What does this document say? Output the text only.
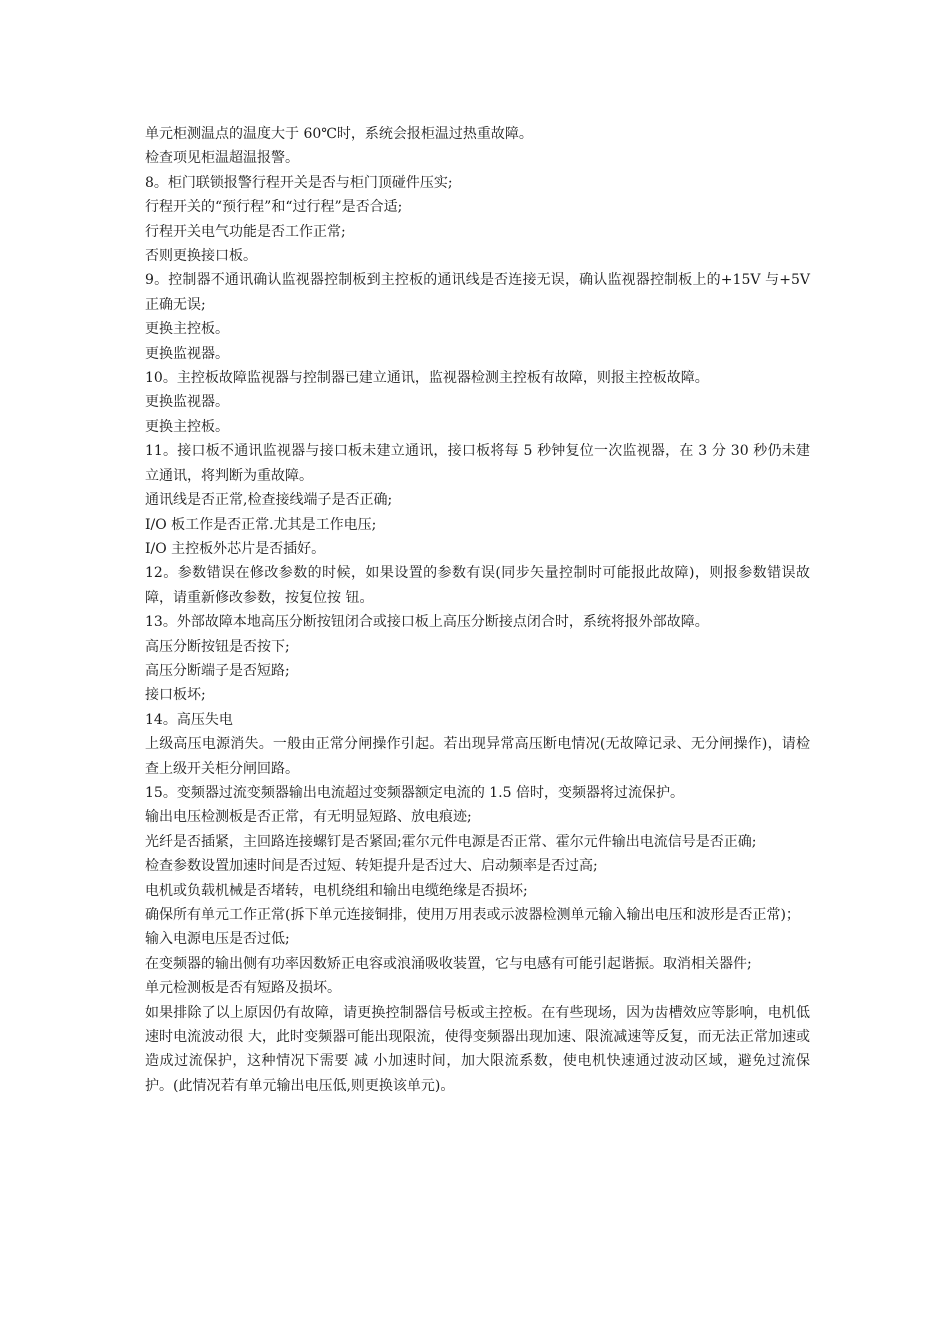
单元柜测温点的温度大于 60℃时，系统会报柜温过热重故障。

检查项见柜温超温报警。

8。柜门联锁报警行程开关是否与柜门顶碰件压实;

行程开关的“预行程”和“过行程”是否合适;

行程开关电气功能是否工作正常;

否则更换接口板。

9。控制器不通讯确认监视器控制板到主控板的通讯线是否连接无误，确认监视器控制板上的+15V 与+5V 正确无误;

更换主控板。

更换监视器。

10。主控板故障监视器与控制器已建立通讯，监视器检测主控板有故障，则报主控板故障。

更换监视器。

更换主控板。

11。接口板不通讯监视器与接口板未建立通讯，接口板将每 5 秒钟复位一次监视器，在 3 分 30 秒仍未建立通讯，将判断为重故障。

通讯线是否正常,检查接线端子是否正确;

I/O 板工作是否正常.尤其是工作电压;

I/O 主控板外芯片是否插好。

12。参数错误在修改参数的时候，如果设置的参数有误(同步矢量控制时可能报此故障)，则报参数错误故障，请重新修改参数，按复位按 钮。

13。外部故障本地高压分断按钮闭合或接口板上高压分断接点闭合时，系统将报外部故障。

高压分断按钮是否按下;

高压分断端子是否短路;

接口板坏;

14。高压失电

上级高压电源消失。一般由正常分闸操作引起。若出现异常高压断电情况(无故障记录、无分闸操作)，请检查上级开关柜分闸回路。

15。变频器过流变频器输出电流超过变频器额定电流的 1.5 倍时，变频器将过流保护。

输出电压检测板是否正常，有无明显短路、放电痕迹;

光纤是否插紧，主回路连接螺钉是否紧固;霍尔元件电源是否正常、霍尔元件输出电流信号是否正确;

检查参数设置加速时间是否过短、转矩提升是否过大、启动频率是否过高;

电机或负载机械是否堵转，电机绕组和输出电缆绝缘是否损坏;

确保所有单元工作正常(拆下单元连接铜排，使用万用表或示波器检测单元输入输出电压和波形是否正常)；

输入电源电压是否过低;

在变频器的输出侧有功率因数矫正电容或浪涌吸收装置，它与电感有可能引起谐振。取消相关器件;

单元检测板是否有短路及损坏。

如果排除了以上原因仍有故障，请更换控制器信号板或主控板。在有些现场，因为齿槽效应等影响，电机低速时电流波动很 大，此时变频器可能出现限流，使得变频器出现加速、限流减速等反复，而无法正常加速或造成过流保护，这种情况下需要 减 小加速时间，加大限流系数，使电机快速通过波动区域，避免过流保护。(此情况若有单元输出电压低,则更换该单元)。
